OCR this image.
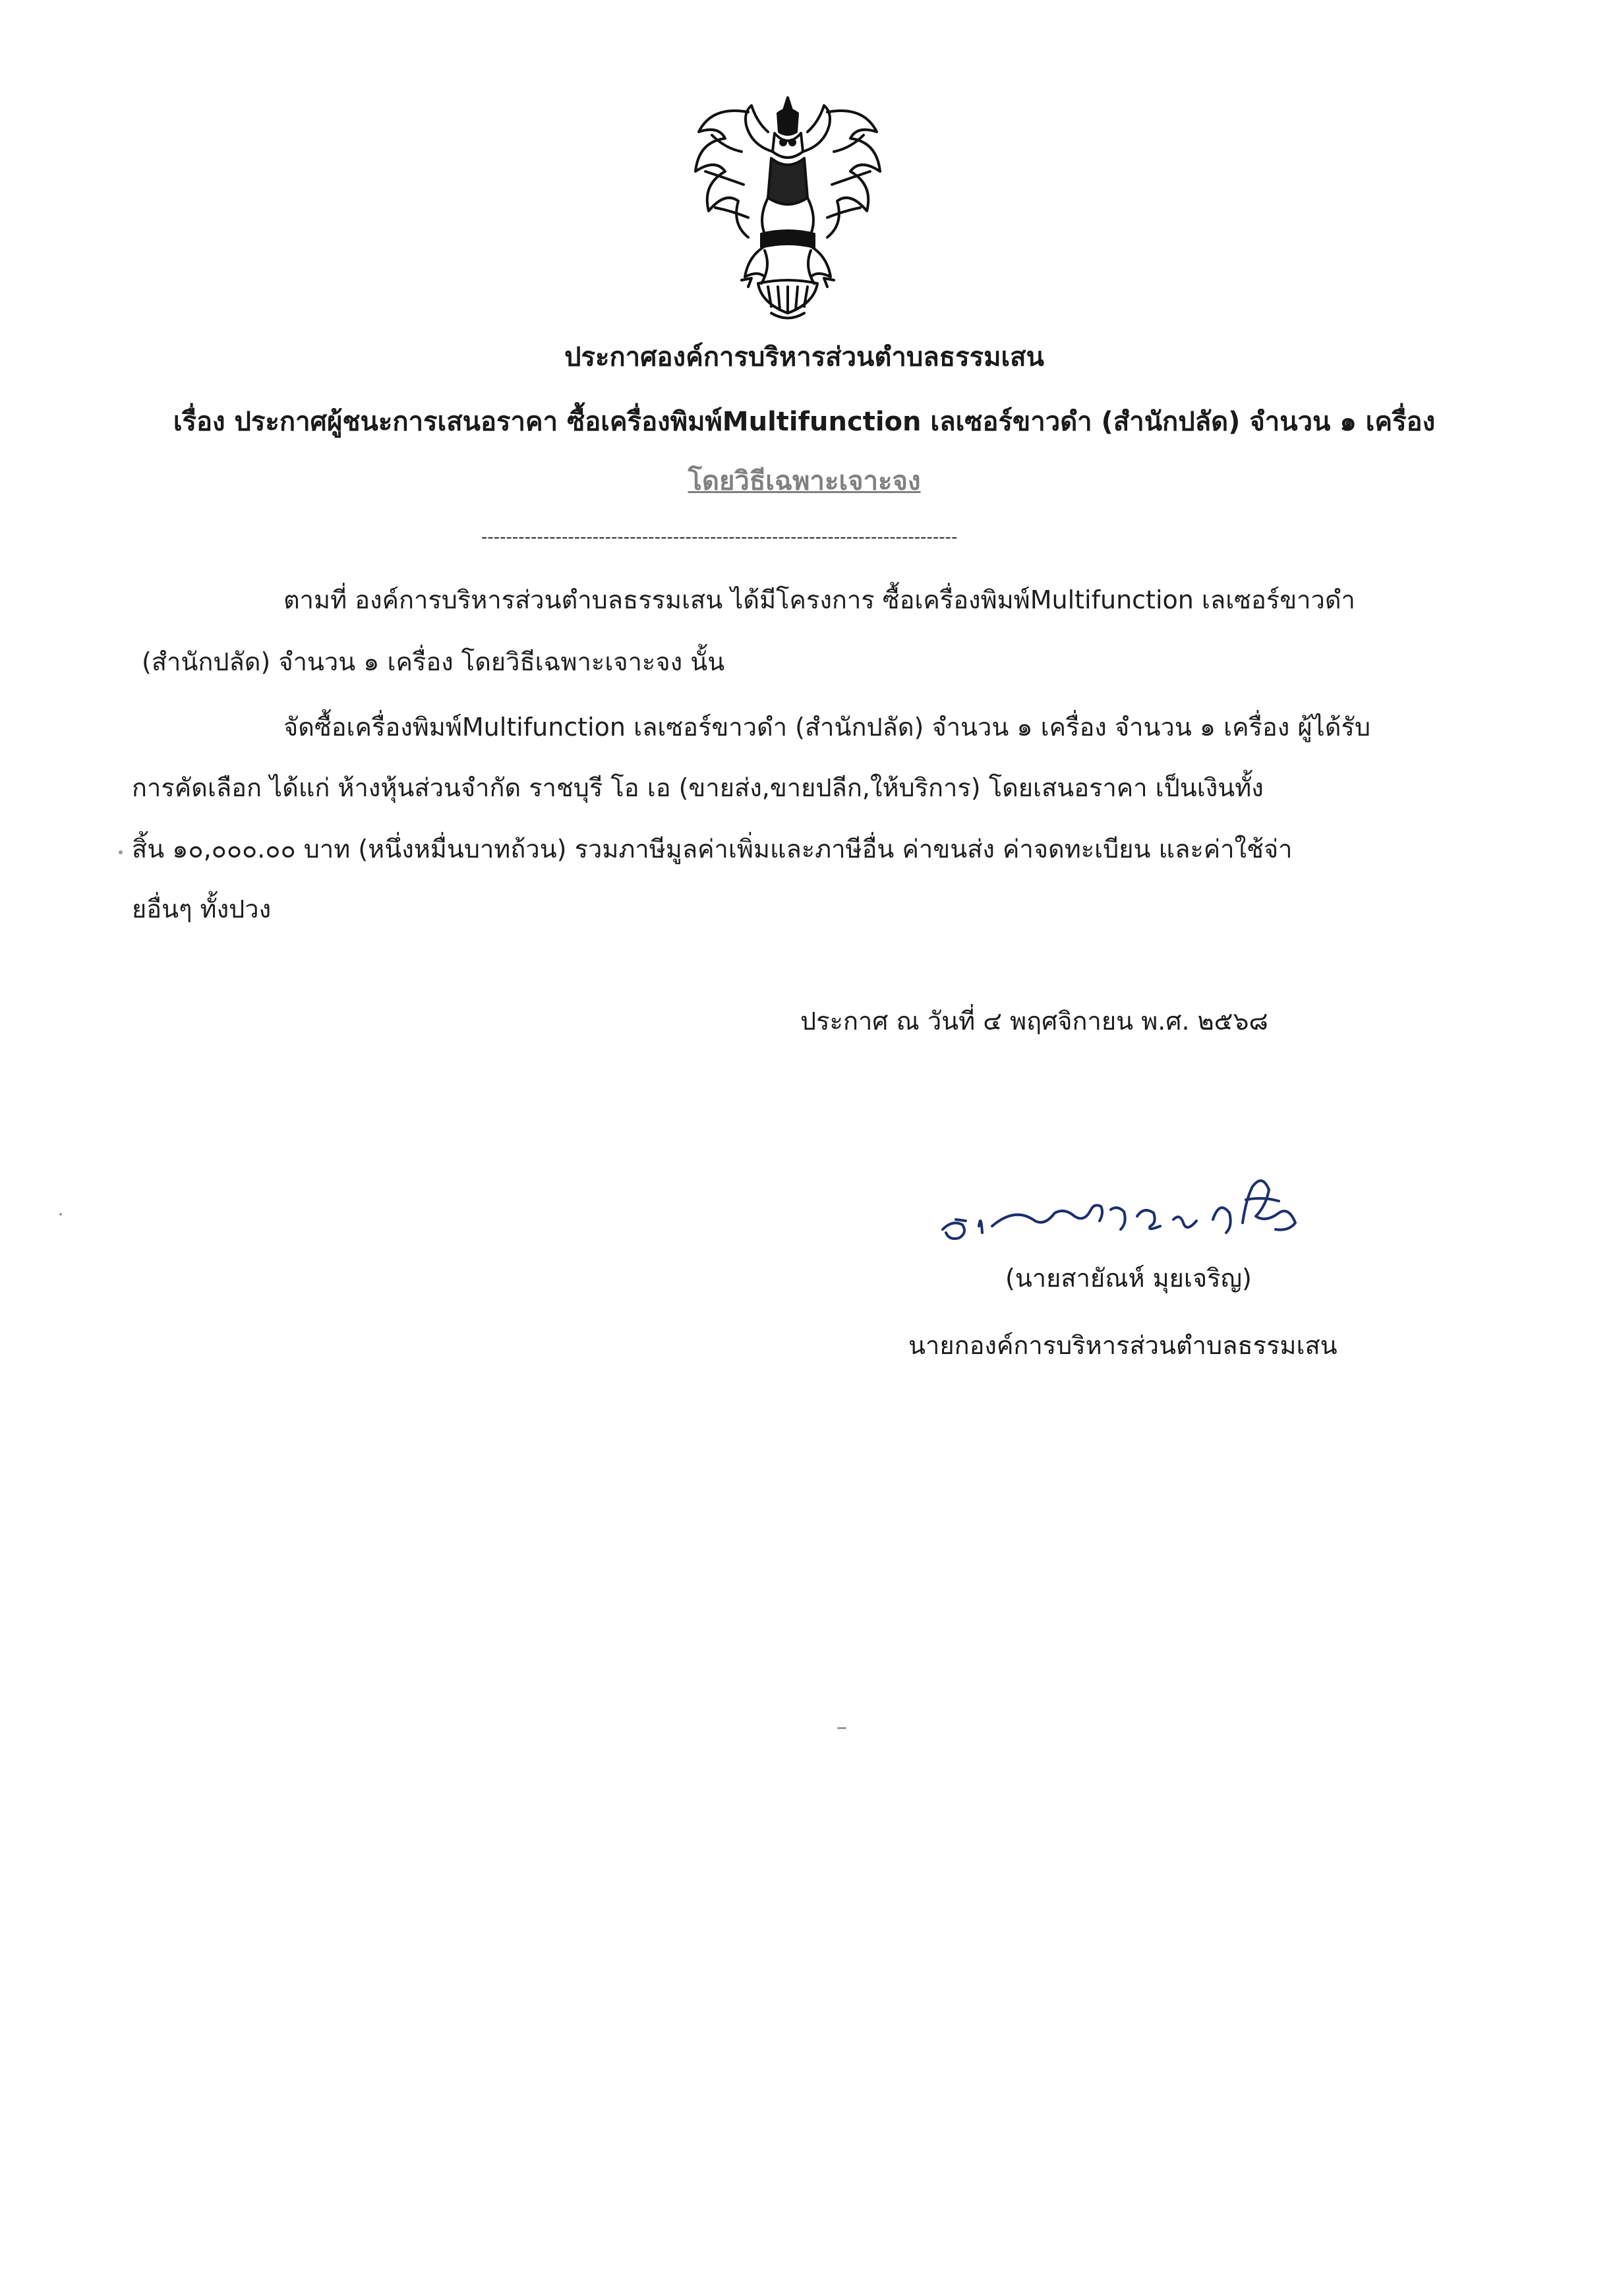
ประกาศองค์การบริหารส่วนตำบลธรรมเสน
เรื่อง ประกาศผู้ชนะการเสนอราคา ซื้อเครื่องพิมพ์Multifunction เลเซอร์ขาวดำ (สำนักปลัด) จำนวน ๑ เครื่อง
โดยวิธีเฉพาะเจาะจง
-----------------------------------------------------------------------------
ตามที่ องค์การบริหารส่วนตำบลธรรมเสน ได้มีโครงการ ซื้อเครื่องพิมพ์Multifunction เลเซอร์ขาวดำ
(สำนักปลัด) จำนวน ๑ เครื่อง โดยวิธีเฉพาะเจาะจง นั้น
จัดซื้อเครื่องพิมพ์Multifunction เลเซอร์ขาวดำ (สำนักปลัด) จำนวน ๑ เครื่อง จำนวน ๑ เครื่อง ผู้ได้รับ
การคัดเลือก ได้แก่ ห้างหุ้นส่วนจำกัด ราชบุรี โอ เอ (ขายส่ง,ขายปลีก,ให้บริการ) โดยเสนอราคา เป็นเงินทั้ง
สิ้น ๑๐,๐๐๐.๐๐ บาท (หนึ่งหมื่นบาทถ้วน) รวมภาษีมูลค่าเพิ่มและภาษีอื่น ค่าขนส่ง ค่าจดทะเบียน และค่าใช้จ่า
ยอื่นๆ ทั้งปวง
ประกาศ ณ วันที่ ๔ พฤศจิกายน พ.ศ. ๒๕๖๘
(นายสายัณห์ มุยเจริญ)
นายกองค์การบริหารส่วนตำบลธรรมเสน
